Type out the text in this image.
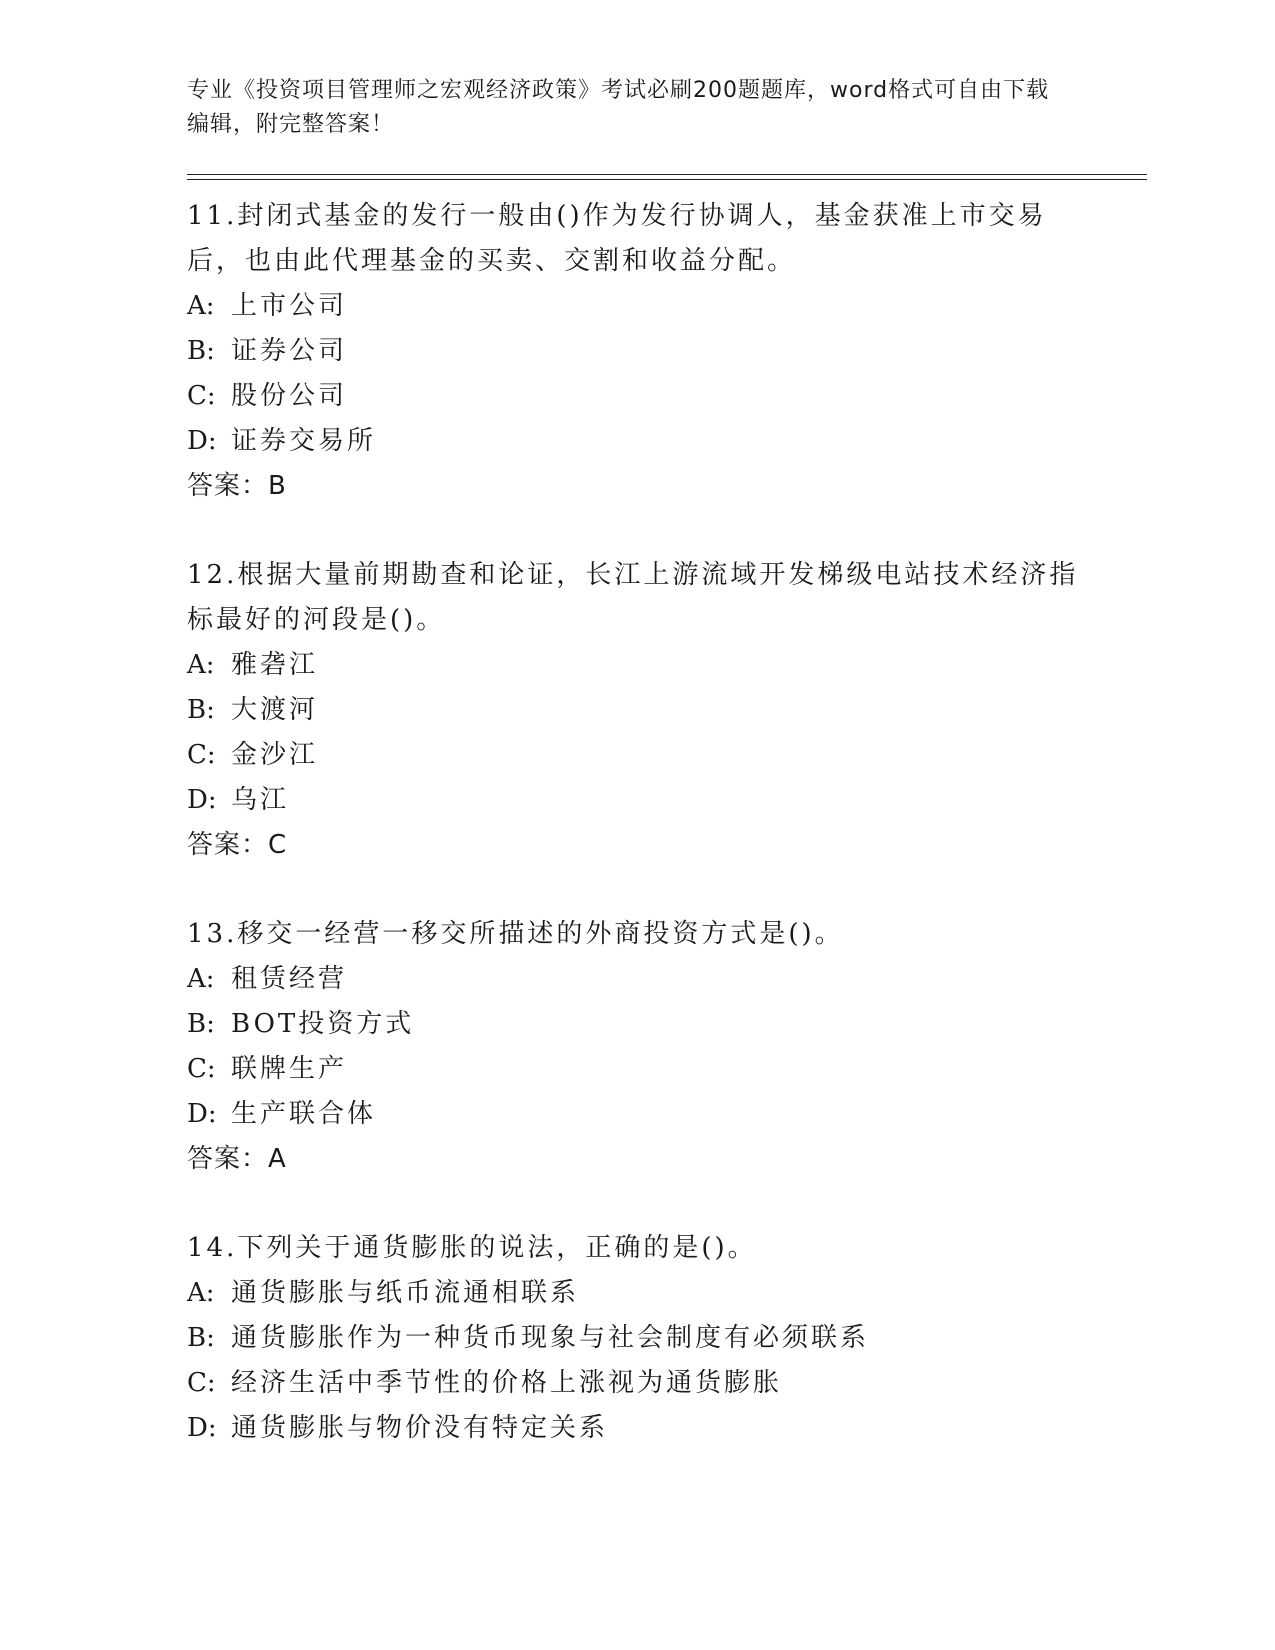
专业《投资项目管理师之宏观经济政策》考试必刷200题题库，word格式可自由下载编辑，附完整答案！

11.封闭式基金的发行一般由()作为发行协调人，基金获准上市交易后，也由此代理基金的买卖、交割和收益分配。

A: 上市公司
B: 证券公司
C: 股份公司
D: 证券交易所
答案：B

12.根据大量前期勘查和论证，长江上游流域开发梯级电站技术经济指标最好的河段是()。

A: 雅砻江
B: 大渡河
C: 金沙江
D: 乌江
答案：C

13.移交一经营一移交所描述的外商投资方式是()。

A: 租赁经营
B: BOT投资方式
C: 联牌生产
D: 生产联合体
答案：A

14.下列关于通货膨胀的说法，正确的是()。

A: 通货膨胀与纸币流通相联系
B: 通货膨胀作为一种货币现象与社会制度有必须联系
C: 经济生活中季节性的价格上涨视为通货膨胀
D: 通货膨胀与物价没有特定关系
